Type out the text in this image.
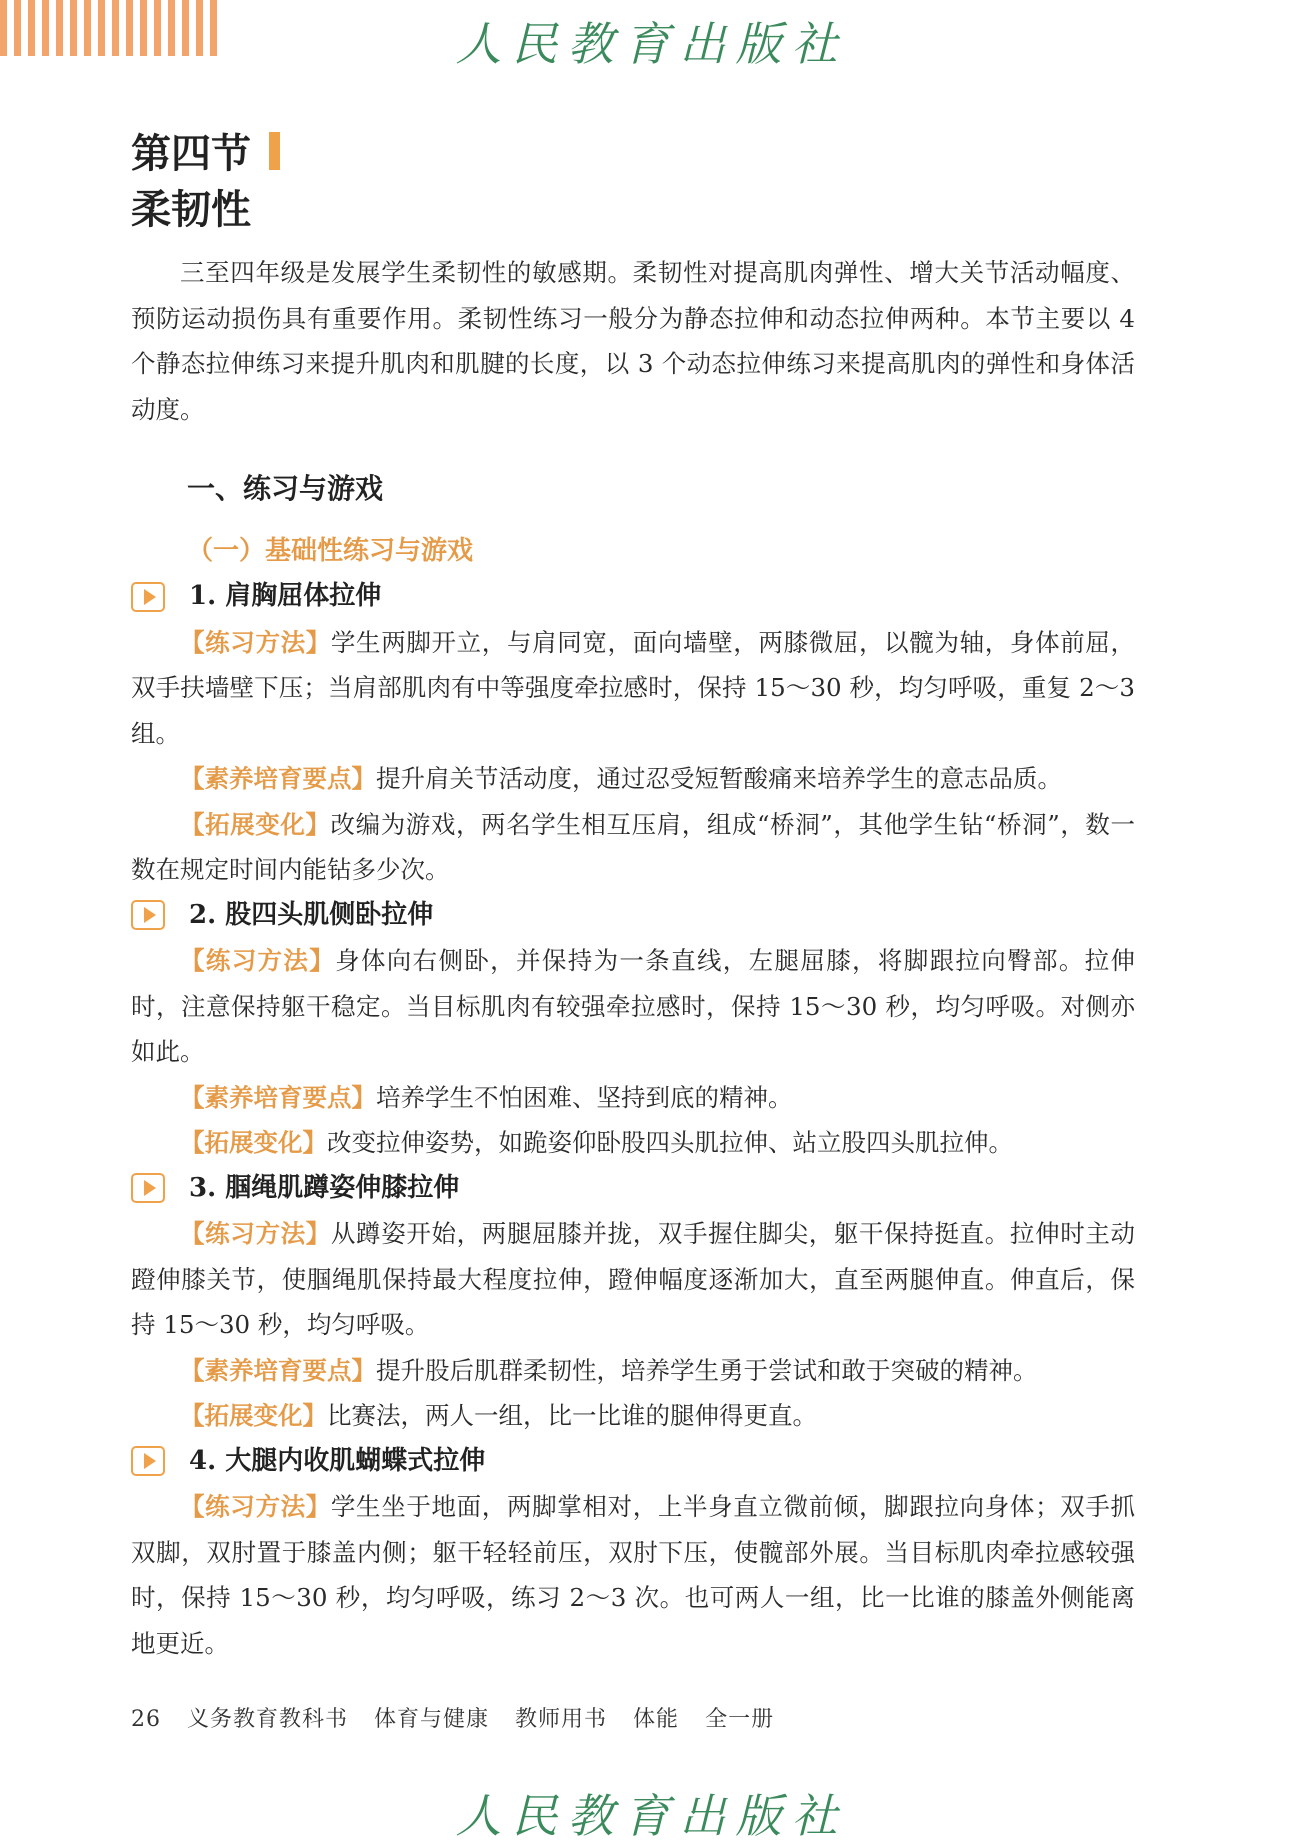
人民教育出版社
第四节
柔韧性

三至四年级是发展学生柔韧性的敏感期。柔韧性对提高肌肉弹性、增大关节活动幅度、预防运动损伤具有重要作用。柔韧性练习一般分为静态拉伸和动态拉伸两种。本节主要以 4 个静态拉伸练习来提升肌肉和肌腱的长度，以 3 个动态拉伸练习来提高肌肉的弹性和身体活动度。

一、练习与游戏
（一）基础性练习与游戏
1. 肩胸屈体拉伸

【练习方法】学生两脚开立，与肩同宽，面向墙壁，两膝微屈，以髋为轴，身体前屈，双手扶墙壁下压；当肩部肌肉有中等强度牵拉感时，保持 15～30 秒，均匀呼吸，重复 2～3 组。

【素养培育要点】提升肩关节活动度，通过忍受短暂酸痛来培养学生的意志品质。

【拓展变化】改编为游戏，两名学生相互压肩，组成“桥洞”，其他学生钻“桥洞”，数一数在规定时间内能钻多少次。

2. 股四头肌侧卧拉伸

【练习方法】身体向右侧卧，并保持为一条直线，左腿屈膝，将脚跟拉向臀部。拉伸时，注意保持躯干稳定。当目标肌肉有较强牵拉感时，保持 15～30 秒，均匀呼吸。对侧亦如此。

【素养培育要点】培养学生不怕困难、坚持到底的精神。

【拓展变化】改变拉伸姿势，如跪姿仰卧股四头肌拉伸、站立股四头肌拉伸。

3. 腘绳肌蹲姿伸膝拉伸

【练习方法】从蹲姿开始，两腿屈膝并拢，双手握住脚尖，躯干保持挺直。拉伸时主动蹬伸膝关节，使腘绳肌保持最大程度拉伸，蹬伸幅度逐渐加大，直至两腿伸直。伸直后，保持 15～30 秒，均匀呼吸。

【素养培育要点】提升股后肌群柔韧性，培养学生勇于尝试和敢于突破的精神。

【拓展变化】比赛法，两人一组，比一比谁的腿伸得更直。

4. 大腿内收肌蝴蝶式拉伸

【练习方法】学生坐于地面，两脚掌相对，上半身直立微前倾，脚跟拉向身体；双手抓双脚，双肘置于膝盖内侧；躯干轻轻前压，双肘下压，使髋部外展。当目标肌肉牵拉感较强时，保持 15～30 秒，均匀呼吸，练习 2～3 次。也可两人一组，比一比谁的膝盖外侧能离地更近。

26 义务教育教科书 体育与健康 教师用书 体能 全一册
人民教育出版社
